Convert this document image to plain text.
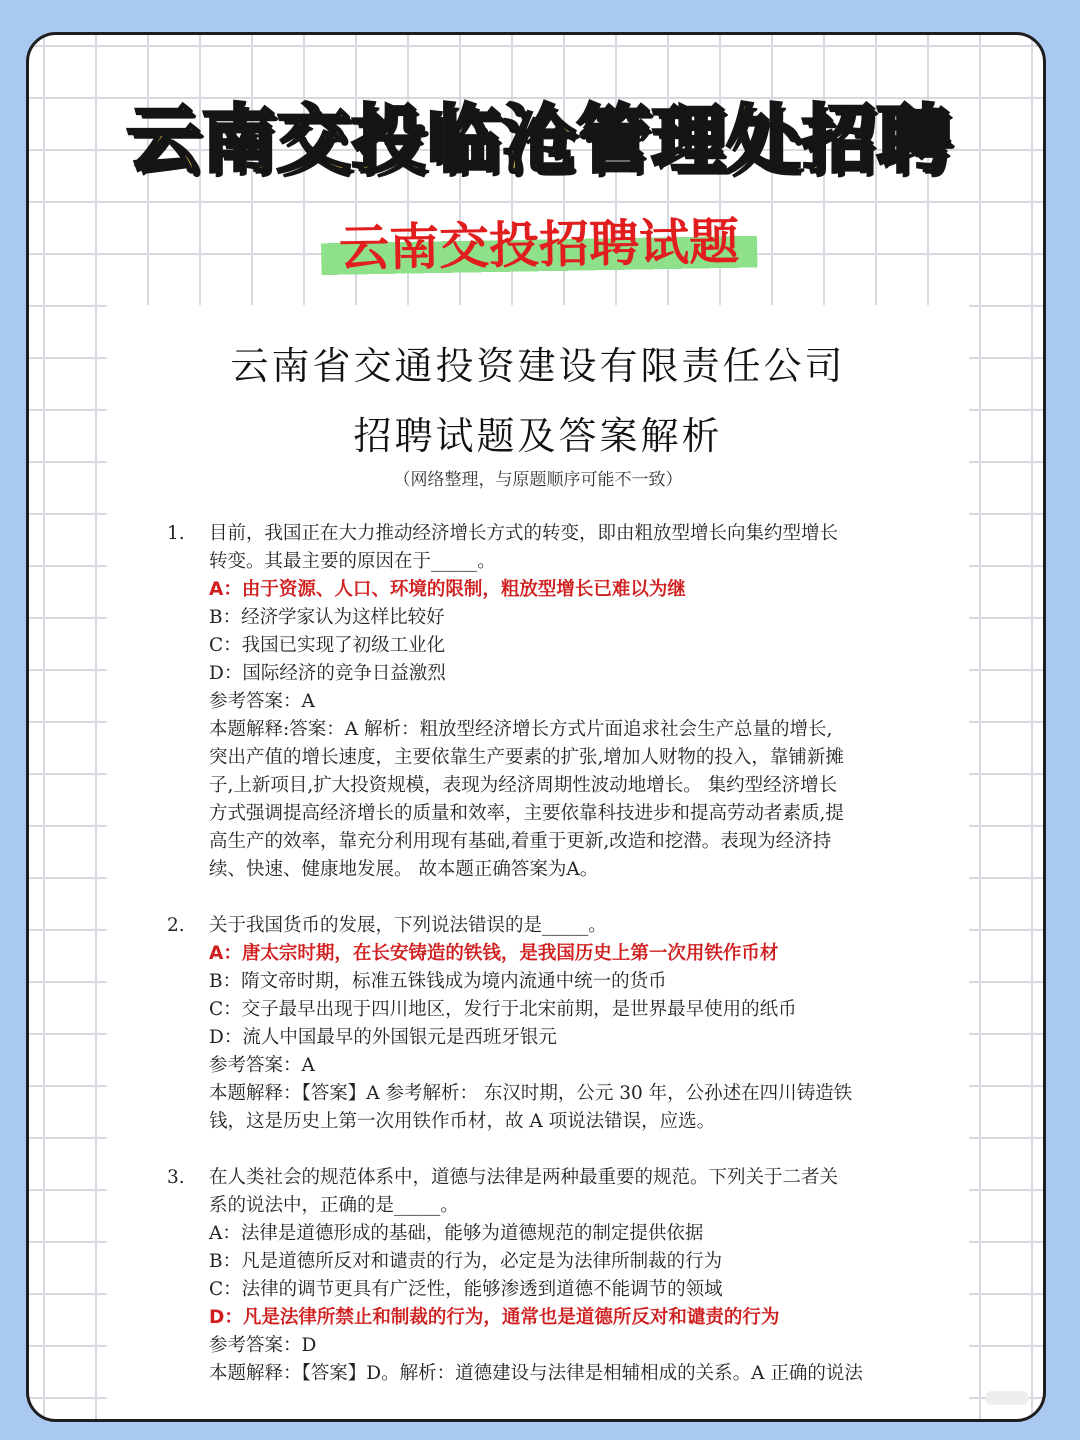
云南交投临沧管理处招聘
云南交投招聘试题
云南省交通投资建设有限责任公司
招聘试题及答案解析
（网络整理，与原题顺序可能不一致）
1. 目前，我国正在大力推动经济增长方式的转变，即由粗放型增长向集约型增长
转变。其最主要的原因在于_____。
A：由于资源、人口、环境的限制，粗放型增长已难以为继
B：经济学家认为这样比较好
C：我国已实现了初级工业化
D：国际经济的竞争日益激烈
参考答案：A
本题解释:答案：A 解析：粗放型经济增长方式片面追求社会生产总量的增长,
突出产值的增长速度，主要依靠生产要素的扩张,增加人财物的投入，靠铺新摊
子,上新项目,扩大投资规模，表现为经济周期性波动地增长。 集约型经济增长
方式强调提高经济增长的质量和效率，主要依靠科技进步和提高劳动者素质,提
高生产的效率，靠充分利用现有基础,着重于更新,改造和挖潜。表现为经济持
续、快速、健康地发展。 故本题正确答案为A。
2. 关于我国货币的发展，下列说法错误的是_____。
A：唐太宗时期，在长安铸造的铁钱，是我国历史上第一次用铁作币材
B：隋文帝时期，标准五铢钱成为境内流通中统一的货币
C：交子最早出现于四川地区，发行于北宋前期，是世界最早使用的纸币
D：流人中国最早的外国银元是西班牙银元
参考答案：A
本题解释：【答案】A 参考解析： 东汉时期，公元 30 年，公孙述在四川铸造铁
钱，这是历史上第一次用铁作币材，故 A 项说法错误，应选。
3. 在人类社会的规范体系中，道德与法律是两种最重要的规范。下列关于二者关
系的说法中，正确的是_____。
A：法律是道德形成的基础，能够为道德规范的制定提供依据
B：凡是道德所反对和谴责的行为，必定是为法律所制裁的行为
C：法律的调节更具有广泛性，能够渗透到道德不能调节的领域
D：凡是法律所禁止和制裁的行为，通常也是道德所反对和谴责的行为
参考答案：D
本题解释：【答案】D。解析：道德建设与法律是相辅相成的关系。A 正确的说法
